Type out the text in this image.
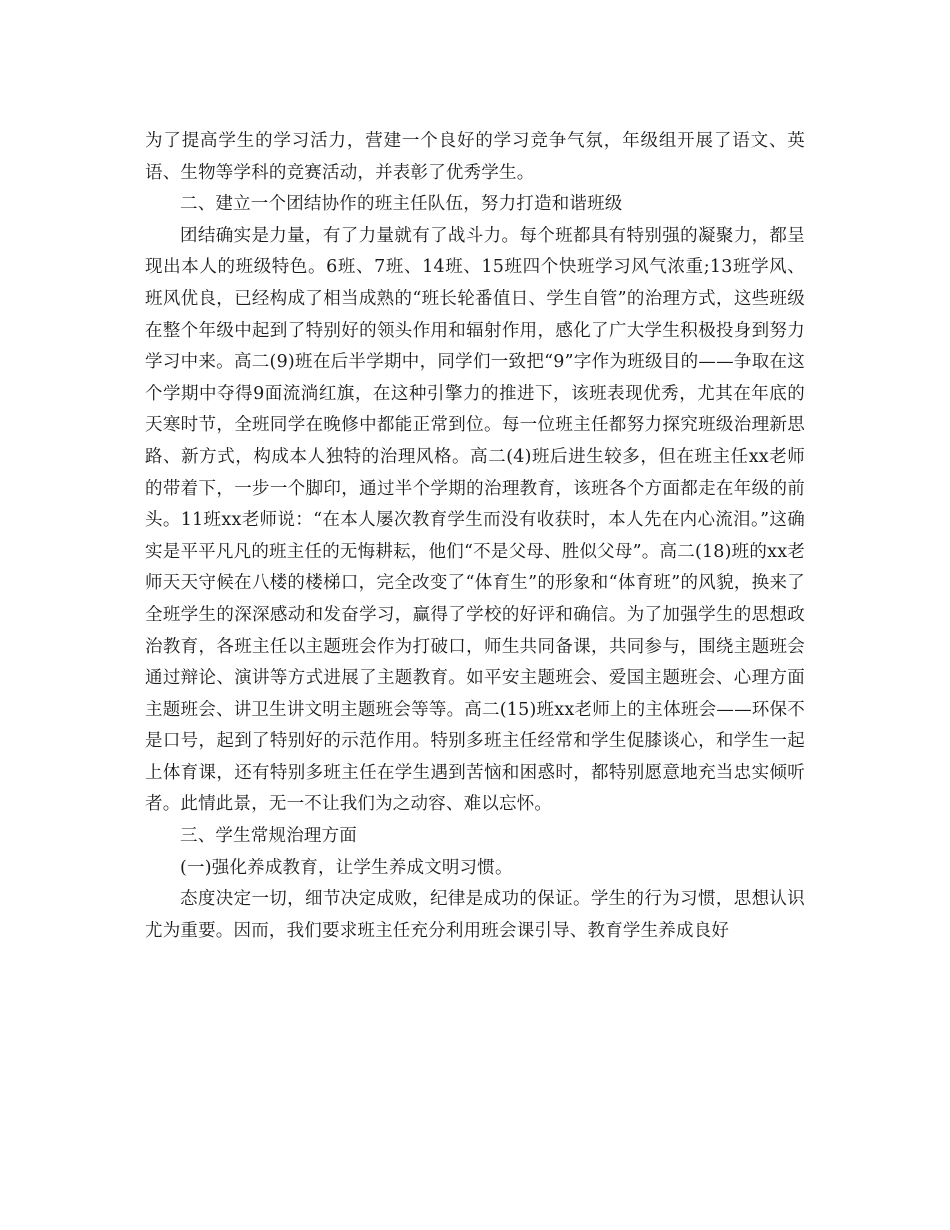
为了提高学生的学习活力，营建一个良好的学习竞争气氛，年级组开展了语文、英语、生物等学科的竞赛活动，并表彰了优秀学生。

二、建立一个团结协作的班主任队伍，努力打造和谐班级

团结确实是力量，有了力量就有了战斗力。每个班都具有特别强的凝聚力，都呈现出本人的班级特色。6班、7班、14班、15班四个快班学习风气浓重;13班学风、班风优良，已经构成了相当成熟的“班长轮番值日、学生自管”的治理方式，这些班级在整个年级中起到了特别好的领头作用和辐射作用，感化了广大学生积极投身到努力学习中来。高二(9)班在后半学期中，同学们一致把“9”字作为班级目的——争取在这个学期中夺得9面流淌红旗，在这种引擎力的推进下，该班表现优秀，尤其在年底的天寒时节，全班同学在晚修中都能正常到位。每一位班主任都努力探究班级治理新思路、新方式，构成本人独特的治理风格。高二(4)班后进生较多，但在班主任xx老师的带着下，一步一个脚印，通过半个学期的治理教育，该班各个方面都走在年级的前头。11班xx老师说：“在本人屡次教育学生而没有收获时，本人先在内心流泪。”这确实是平平凡凡的班主任的无悔耕耘，他们“不是父母、胜似父母”。高二(18)班的xx老师天天守候在八楼的楼梯口，完全改变了“体育生”的形象和“体育班”的风貌，换来了全班学生的深深感动和发奋学习，赢得了学校的好评和确信。为了加强学生的思想政治教育，各班主任以主题班会作为打破口，师生共同备课，共同参与，围绕主题班会通过辩论、演讲等方式进展了主题教育。如平安主题班会、爱国主题班会、心理方面主题班会、讲卫生讲文明主题班会等等。高二(15)班xx老师上的主体班会——环保不是口号，起到了特别好的示范作用。特别多班主任经常和学生促膝谈心，和学生一起上体育课，还有特别多班主任在学生遇到苦恼和困惑时，都特别愿意地充当忠实倾听者。此情此景，无一不让我们为之动容、难以忘怀。

三、学生常规治理方面

(一)强化养成教育，让学生养成文明习惯。

态度决定一切，细节决定成败，纪律是成功的保证。学生的行为习惯，思想认识尤为重要。因而，我们要求班主任充分利用班会课引导、教育学生养成良好
